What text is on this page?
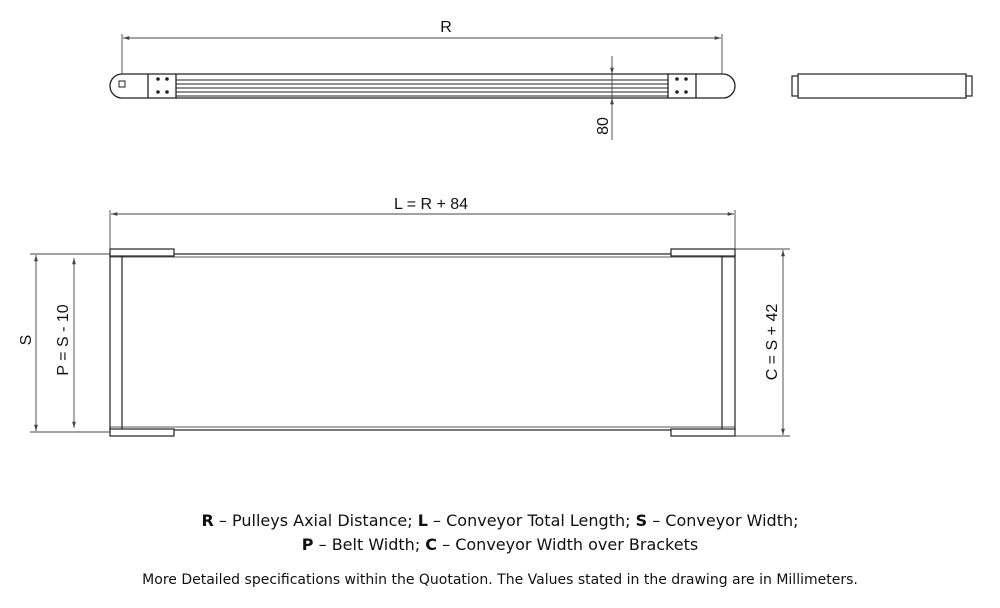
R
80
L = R + 84
S P = S - 10	C = S + 42
R – Pulleys Axial Distance; L – Conveyor Total Length; S – Conveyor Width;
P – Belt Width; C – Conveyor Width over Brackets
More Detailed specifications within the Quotation. The Values stated in the drawing are in Millimeters.
